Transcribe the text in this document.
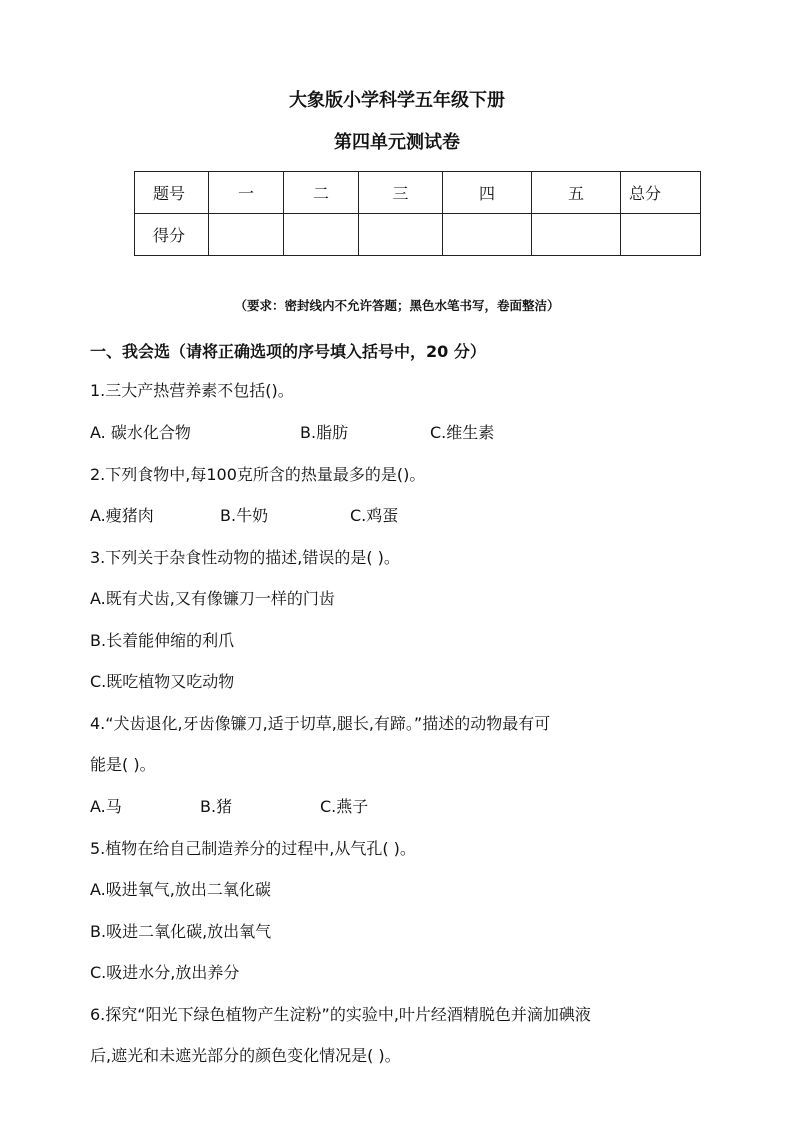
大象版小学科学五年级下册
第四单元测试卷
题号	一	二	三	四	五	总分
得分						
（要求：密封线内不允许答题；黑色水笔书写，卷面整洁）
一、我会选（请将正确选项的序号填入括号中，20 分）
1.三大产热营养素不包括()。
A. 碳水化合物	B.脂肪	C.维生素
2.下列食物中,每100克所含的热量最多的是()。
A.瘦猪肉	B.牛奶	C.鸡蛋
3.下列关于杂食性动物的描述,错误的是( )。
A.既有犬齿,又有像镰刀一样的门齿
B.长着能伸缩的利爪
C.既吃植物又吃动物
4.“犬齿退化,牙齿像镰刀,适于切草,腿长,有蹄。”描述的动物最有可
能是( )。
A.马	B.猪	C.燕子
5.植物在给自己制造养分的过程中,从气孔( )。
A.吸进氧气,放出二氧化碳
B.吸进二氧化碳,放出氧气
C.吸进水分,放出养分
6.探究“阳光下绿色植物产生淀粉”的实验中,叶片经酒精脱色并滴加碘液
后,遮光和未遮光部分的颜色变化情况是( )。
